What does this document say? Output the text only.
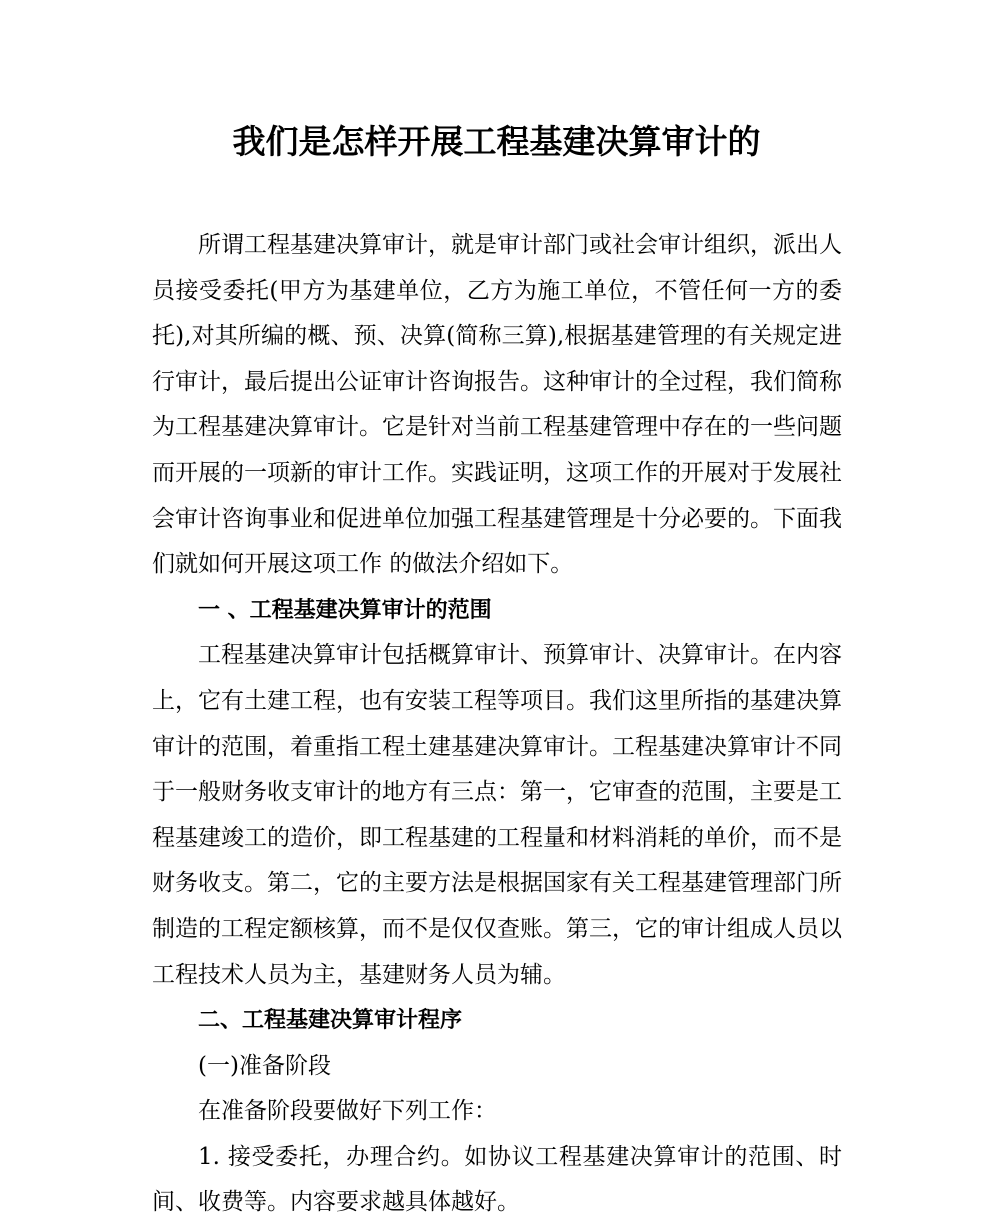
我们是怎样开展工程基建决算审计的

所谓工程基建决算审计，就是审计部门或社会审计组织，派出人员接受委托(甲方为基建单位，乙方为施工单位，不管任何一方的委托),对其所编的概、预、决算(简称三算),根据基建管理的有关规定进行审计，最后提出公证审计咨询报告。这种审计的全过程，我们简称为工程基建决算审计。它是针对当前工程基建管理中存在的一些问题而开展的一项新的审计工作。实践证明，这项工作的开展对于发展社会审计咨询事业和促进单位加强工程基建管理是十分必要的。下面我们就如何开展这项工作 的做法介绍如下。

一 、工程基建决算审计的范围

工程基建决算审计包括概算审计、预算审计、决算审计。在内容上，它有土建工程，也有安装工程等项目。我们这里所指的基建决算审计的范围，着重指工程土建基建决算审计。工程基建决算审计不同于一般财务收支审计的地方有三点：第一，它审查的范围，主要是工程基建竣工的造价，即工程基建的工程量和材料消耗的单价，而不是财务收支。第二，它的主要方法是根据国家有关工程基建管理部门所制造的工程定额核算，而不是仅仅查账。第三，它的审计组成人员以工程技术人员为主，基建财务人员为辅。

二、工程基建决算审计程序

(一)准备阶段

在准备阶段要做好下列工作：

1. 接受委托，办理合约。如协议工程基建决算审计的范围、时间、收费等。内容要求越具体越好。
